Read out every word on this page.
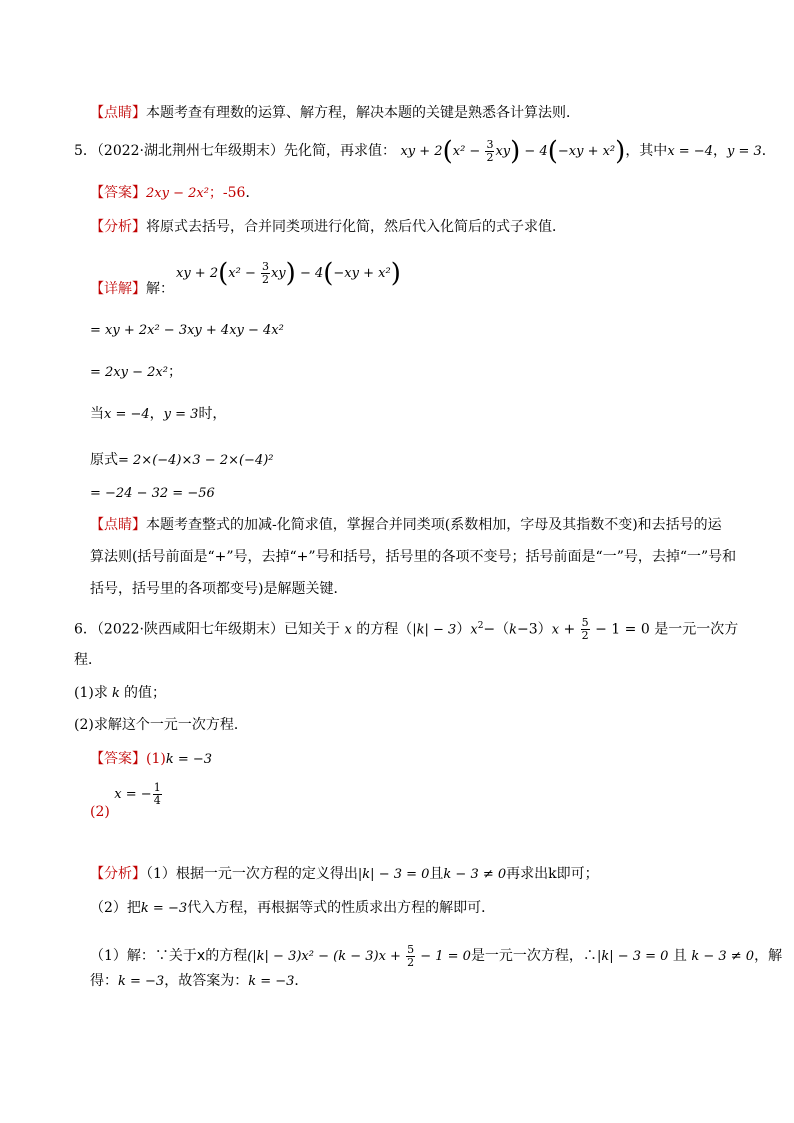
【点睛】本题考查有理数的运算、解方程，解决本题的关键是熟悉各计算法则．
5．（2022·湖北荆州七年级期末）先化简，再求值： xy + $2(x^2 - \frac{3}{2} xy) - 4(-xy + x^2)$，其中x = −4，y = 3．
【答案】2xy − 2x²；-56．
【分析】将原式去括号，合并同类项进行化简，然后代入化简后的式子求值．
xy + $2(x^2 - \frac{3}{2} xy) - 4(-xy + x^2)$
【详解】解：
= xy + 2x² − 3xy + 4xy − 4x²
= 2xy − 2x²；
当x = −4，y = 3时，
原式= 2×(−4)×3 − 2×(−4)²
= −24 − 32 = −56
【点睛】本题考查整式的加减-化简求值，掌握合并同类项(系数相加，字母及其指数不变)和去括号的运
算法则(括号前面是“+”号，去掉“+”号和括号，括号里的各项不变号；括号前面是“一”号，去掉“一”号和
括号，括号里的各项都变号)是解题关键．
6．（2022·陕西咸阳七年级期末）已知关于 x 的方程$(|k| - 3)x^2-(k-3)x + \frac{5}{2} - 1 = 0$ 是一元一次方
程．
(1)求 k 的值；
(2)求解这个一元一次方程．
【答案】(1)k = −3
(2) x = − $\frac{1}{4}$
【分析】（1）根据一元一次方程的定义得出|k| − 3 = 0且k − 3 ≠ 0再求出k即可；
（2）把k = −3代入方程，再根据等式的性质求出方程的解即可．
（1）解：∵关于x的方程$(|k| - 3)x^2 - (k - 3)x + \frac{5}{2} - 1 = 0$是一元一次方程，∴|k| − 3 = 0 且 k − 3 ≠ 0，解
得：k = −3，故答案为：k = −3．
